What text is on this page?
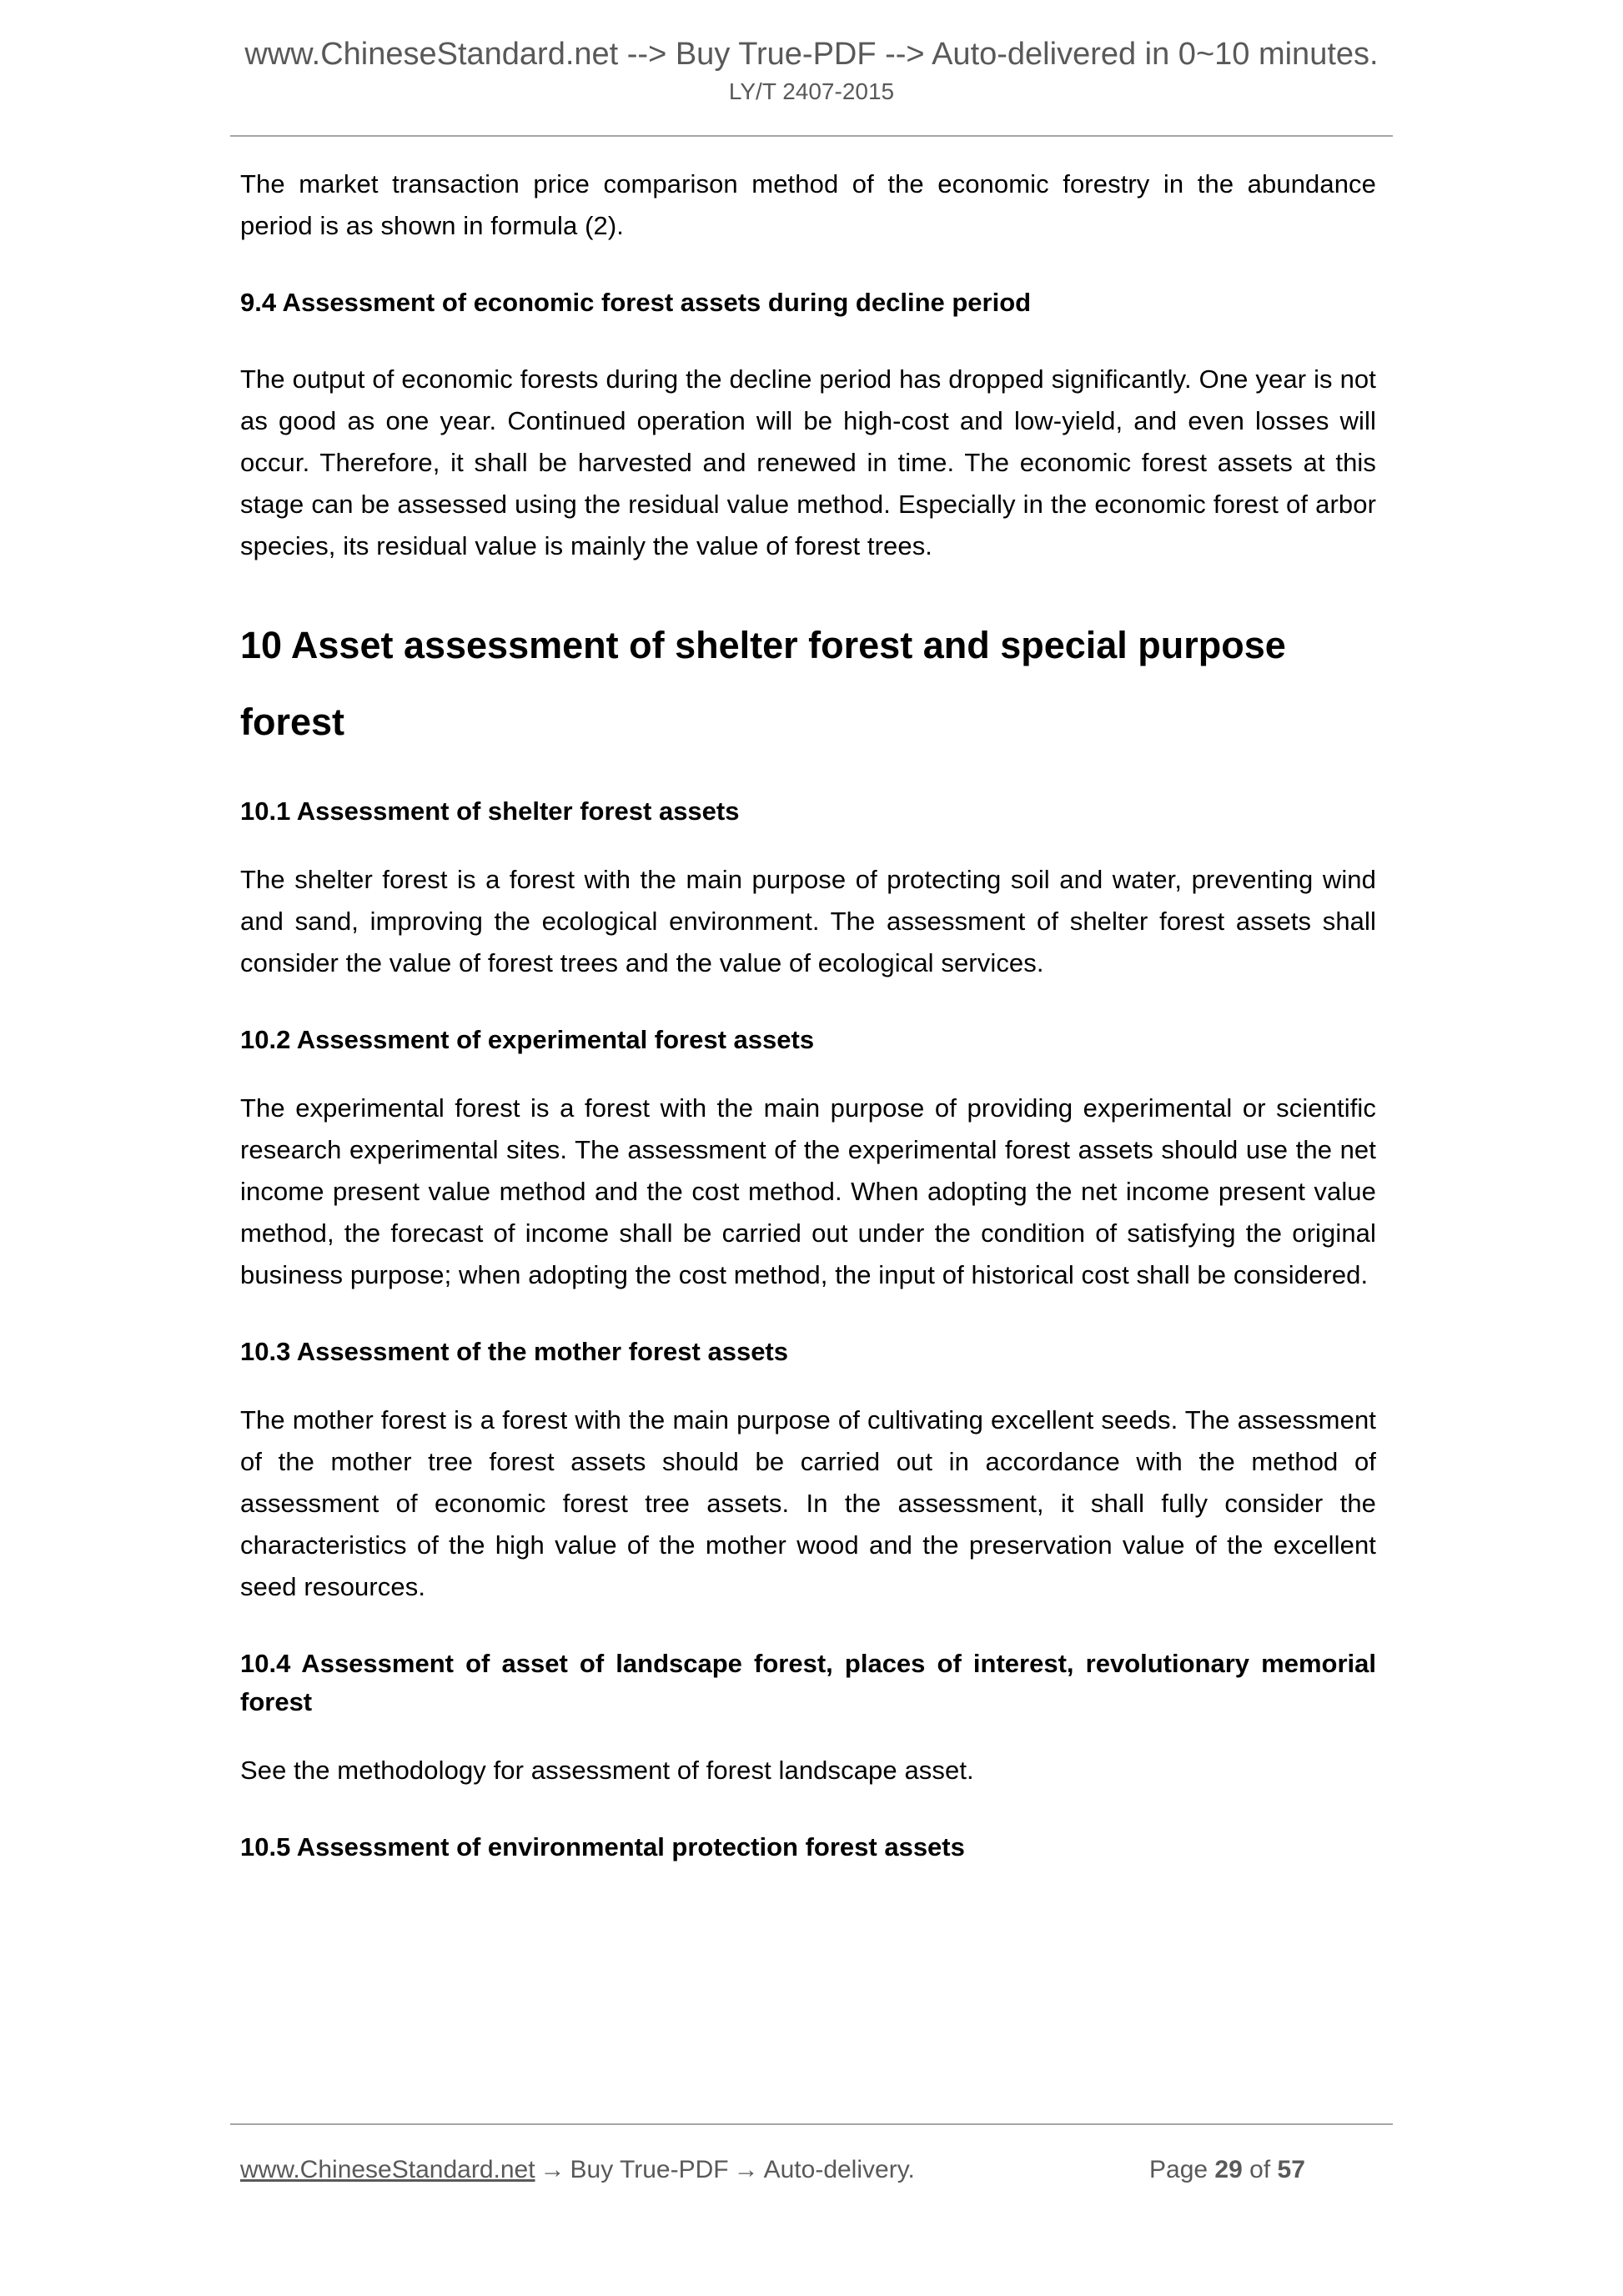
www.ChineseStandard.net --> Buy True-PDF --> Auto-delivered in 0~10 minutes.
LY/T 2407-2015

The market transaction price comparison method of the economic forestry in the abundance period is as shown in formula (2).

9.4 Assessment of economic forest assets during decline period

The output of economic forests during the decline period has dropped significantly. One year is not as good as one year. Continued operation will be high-cost and low-yield, and even losses will occur. Therefore, it shall be harvested and renewed in time. The economic forest assets at this stage can be assessed using the residual value method. Especially in the economic forest of arbor species, its residual value is mainly the value of forest trees.

10 Asset assessment of shelter forest and special purpose forest
10.1 Assessment of shelter forest assets

The shelter forest is a forest with the main purpose of protecting soil and water, preventing wind and sand, improving the ecological environment. The assessment of shelter forest assets shall consider the value of forest trees and the value of ecological services.

10.2 Assessment of experimental forest assets

The experimental forest is a forest with the main purpose of providing experimental or scientific research experimental sites. The assessment of the experimental forest assets should use the net income present value method and the cost method. When adopting the net income present value method, the forecast of income shall be carried out under the condition of satisfying the original business purpose; when adopting the cost method, the input of historical cost shall be considered.

10.3 Assessment of the mother forest assets

The mother forest is a forest with the main purpose of cultivating excellent seeds. The assessment of the mother tree forest assets should be carried out in accordance with the method of assessment of economic forest tree assets. In the assessment, it shall fully consider the characteristics of the high value of the mother wood and the preservation value of the excellent seed resources.

10.4 Assessment of asset of landscape forest, places of interest, revolutionary memorial forest

See the methodology for assessment of forest landscape asset.

10.5 Assessment of environmental protection forest assets
www.ChineseStandard.net → Buy True-PDF → Auto-delivery.	Page 29 of 57
